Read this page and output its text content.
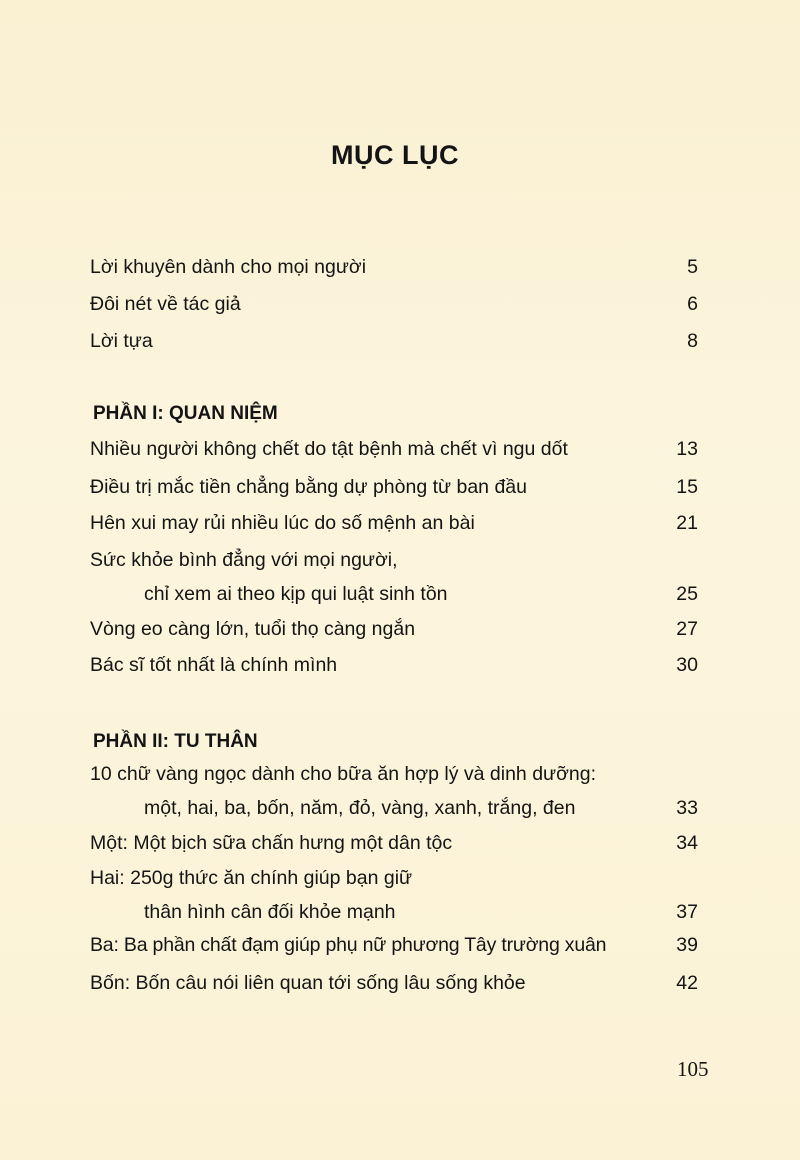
MỤC LỤC
Lời khuyên dành cho mọi người	5
Đôi nét về tác giả	6
Lời tựa	8
PHẦN I: QUAN NIỆM
Nhiều người không chết do tật bệnh mà chết vì ngu dốt	13
Điều trị mắc tiền chẳng bằng dự phòng từ ban đầu	15
Hên xui may rủi nhiều lúc do số mệnh an bài	21
Sức khỏe bình đẳng với mọi người,
chỉ xem ai theo kịp qui luật sinh tồn	25
Vòng eo càng lớn, tuổi thọ càng ngắn	27
Bác sĩ tốt nhất là chính mình	30
PHẦN II: TU THÂN
10 chữ vàng ngọc dành cho bữa ăn hợp lý và dinh dưỡng:
một, hai, ba, bốn, năm, đỏ, vàng, xanh, trắng, đen	33
Một: Một bịch sữa chấn hưng một dân tộc	34
Hai: 250g thức ăn chính giúp bạn giữ
thân hình cân đối khỏe mạnh	37
Ba: Ba phần chất đạm giúp phụ nữ phương Tây trường xuân	39
Bốn: Bốn câu nói liên quan tới sống lâu sống khỏe	42
105
